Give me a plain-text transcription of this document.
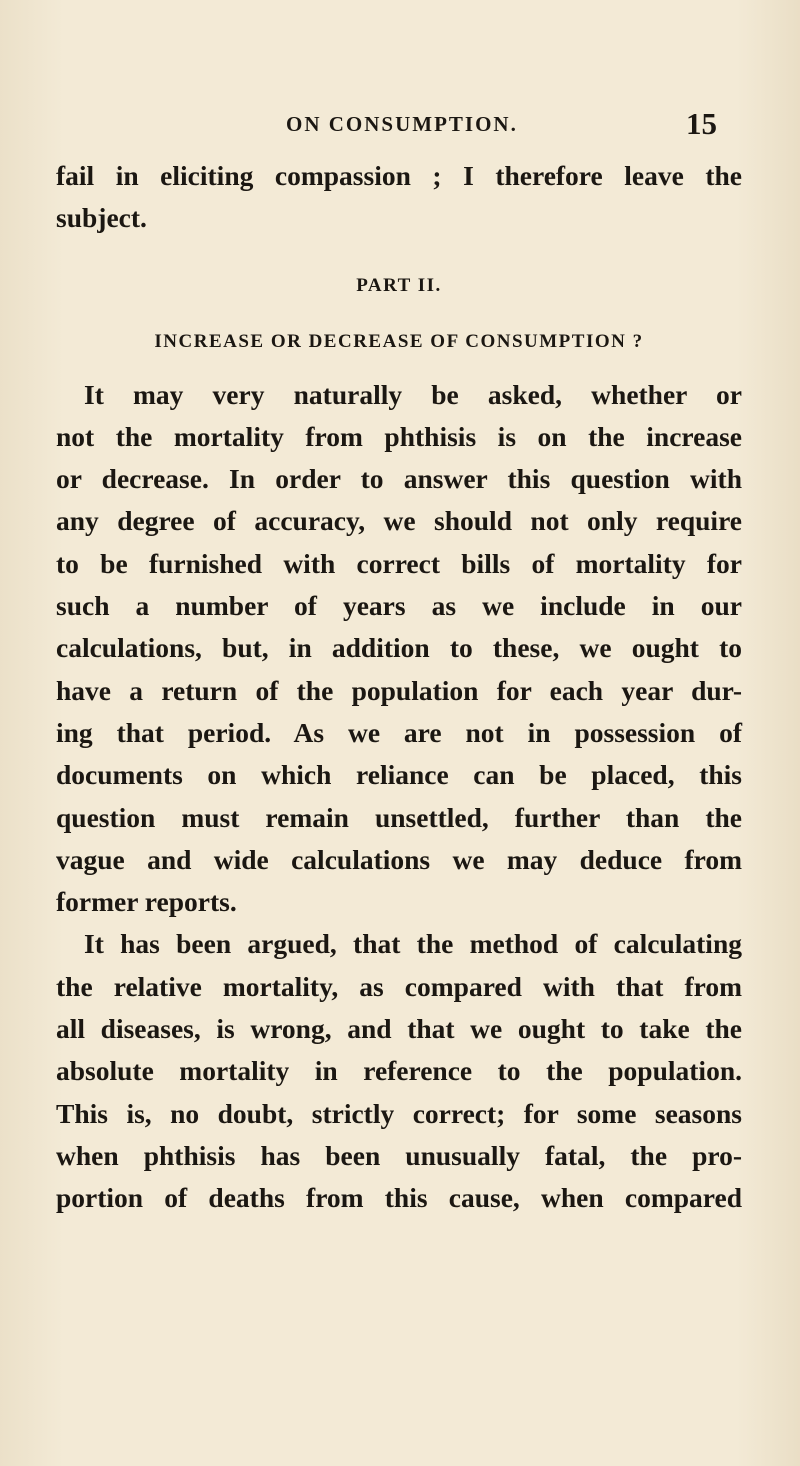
ON CONSUMPTION.	15

fail in eliciting compassion ; I therefore leave the
subject.

PART II.
INCREASE OR DECREASE OF CONSUMPTION ?

It may very naturally be asked, whether or
not the mortality from phthisis is on the increase
or decrease. In order to answer this question with
any degree of accuracy, we should not only require
to be furnished with correct bills of mortality for
such a number of years as we include in our
calculations, but, in addition to these, we ought to
have a return of the population for each year dur-
ing that period. As we are not in possession of
documents on which reliance can be placed, this
question must remain unsettled, further than the
vague and wide calculations we may deduce from
former reports.

It has been argued, that the method of calculating
the relative mortality, as compared with that from
all diseases, is wrong, and that we ought to take the
absolute mortality in reference to the population.
This is, no doubt, strictly correct; for some seasons
when phthisis has been unusually fatal, the pro-
portion of deaths from this cause, when compared
